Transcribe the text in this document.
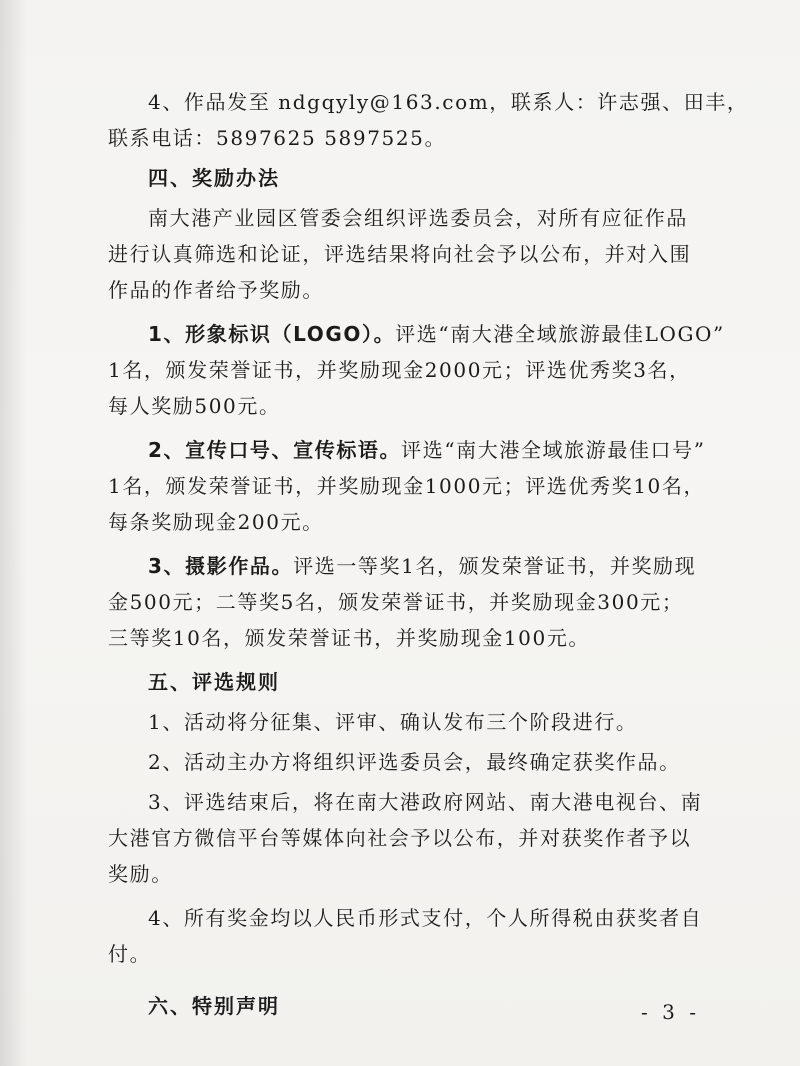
4、作品发至 ndgqyly@163.com，联系人：许志强、田丰，
联系电话：5897625 5897525。
四、奖励办法
南大港产业园区管委会组织评选委员会，对所有应征作品
进行认真筛选和论证，评选结果将向社会予以公布，并对入围
作品的作者给予奖励。
1、形象标识（LOGO）。评选“南大港全域旅游最佳LOGO”
1名，颁发荣誉证书，并奖励现金2000元；评选优秀奖3名，
每人奖励500元。
2、宣传口号、宣传标语。评选“南大港全域旅游最佳口号”
1名，颁发荣誉证书，并奖励现金1000元；评选优秀奖10名，
每条奖励现金200元。
3、摄影作品。评选一等奖1名，颁发荣誉证书，并奖励现
金500元；二等奖5名，颁发荣誉证书，并奖励现金300元；
三等奖10名，颁发荣誉证书，并奖励现金100元。
五、评选规则
1、活动将分征集、评审、确认发布三个阶段进行。
2、活动主办方将组织评选委员会，最终确定获奖作品。
3、评选结束后，将在南大港政府网站、南大港电视台、南
大港官方微信平台等媒体向社会予以公布，并对获奖作者予以
奖励。
4、所有奖金均以人民币形式支付，个人所得税由获奖者自
付。
六、特别声明	- 3 -
